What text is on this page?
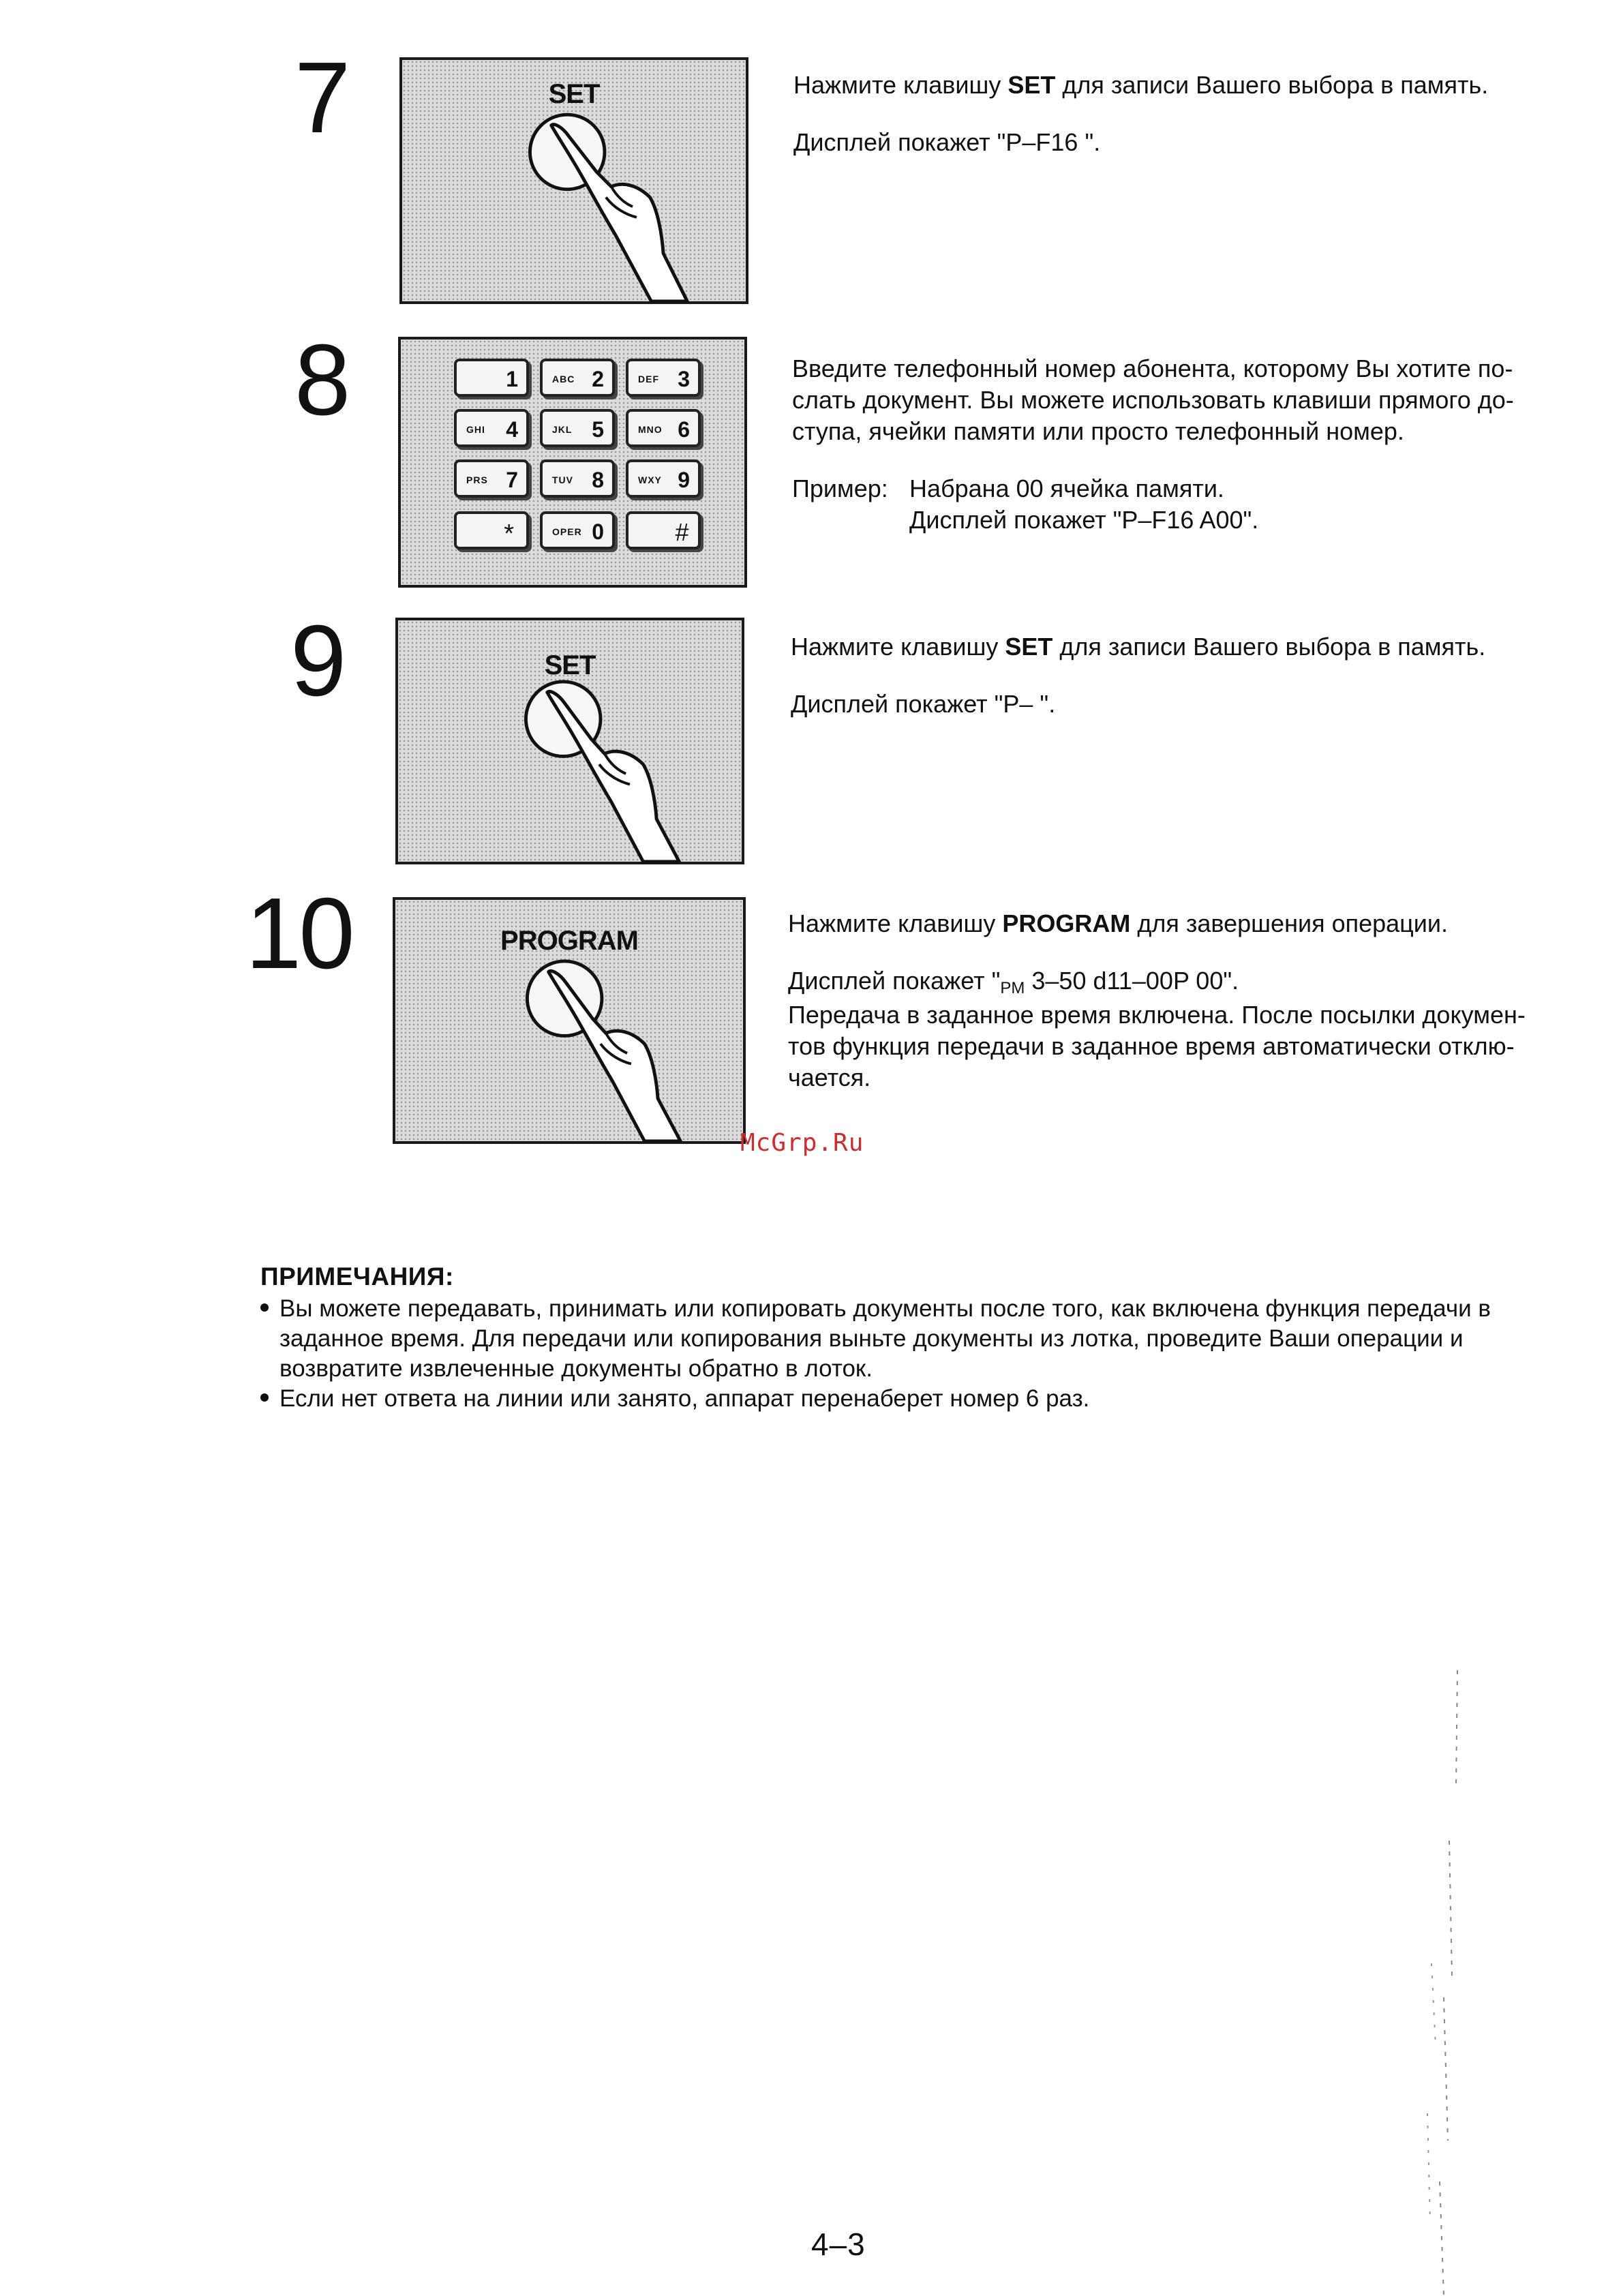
7	SET	Нажмите клавишу SET для записи Вашего выбора в память.

Дисплей покажет "P–F16 ".

8	1	ABC 2	DEF 3
GHI 4	JKL 5	MNO 6
PRS 7	TUV 8	WXY 9
*	OPER 0	#

Введите телефонный номер абонента, которому Вы хотите по-

слать документ. Вы можете использовать клавиши прямого до-

ступа, ячейки памяти или просто телефонный номер.

Пример: Набрана 00 ячейка памяти.
Дисплей покажет "P–F16 A00".
9	SET

Нажмите клавишу SET для записи Вашего выбора в память.

Дисплей покажет "P– ".

10	PROGRAM

Нажмите клавишу PROGRAM для завершения операции.

Дисплей покажет "$_{PM}$ 3–50 d11–00P 00".

Передача в заданное время включена. После посылки докумен-

тов функция передачи в заданное время автоматически отклю-

чается.

McGrp.Ru
ПРИМЕЧАНИЯ:
Вы можете передавать, принимать или копировать документы после того, как включена функция передачи в заданное время. Для передачи или копирования выньте документы из лотка, проведите Ваши операции и возвратите извлеченные документы обратно в лоток.
Если нет ответа на линии или занято, аппарат перенаберет номер 6 раз.
4–3
